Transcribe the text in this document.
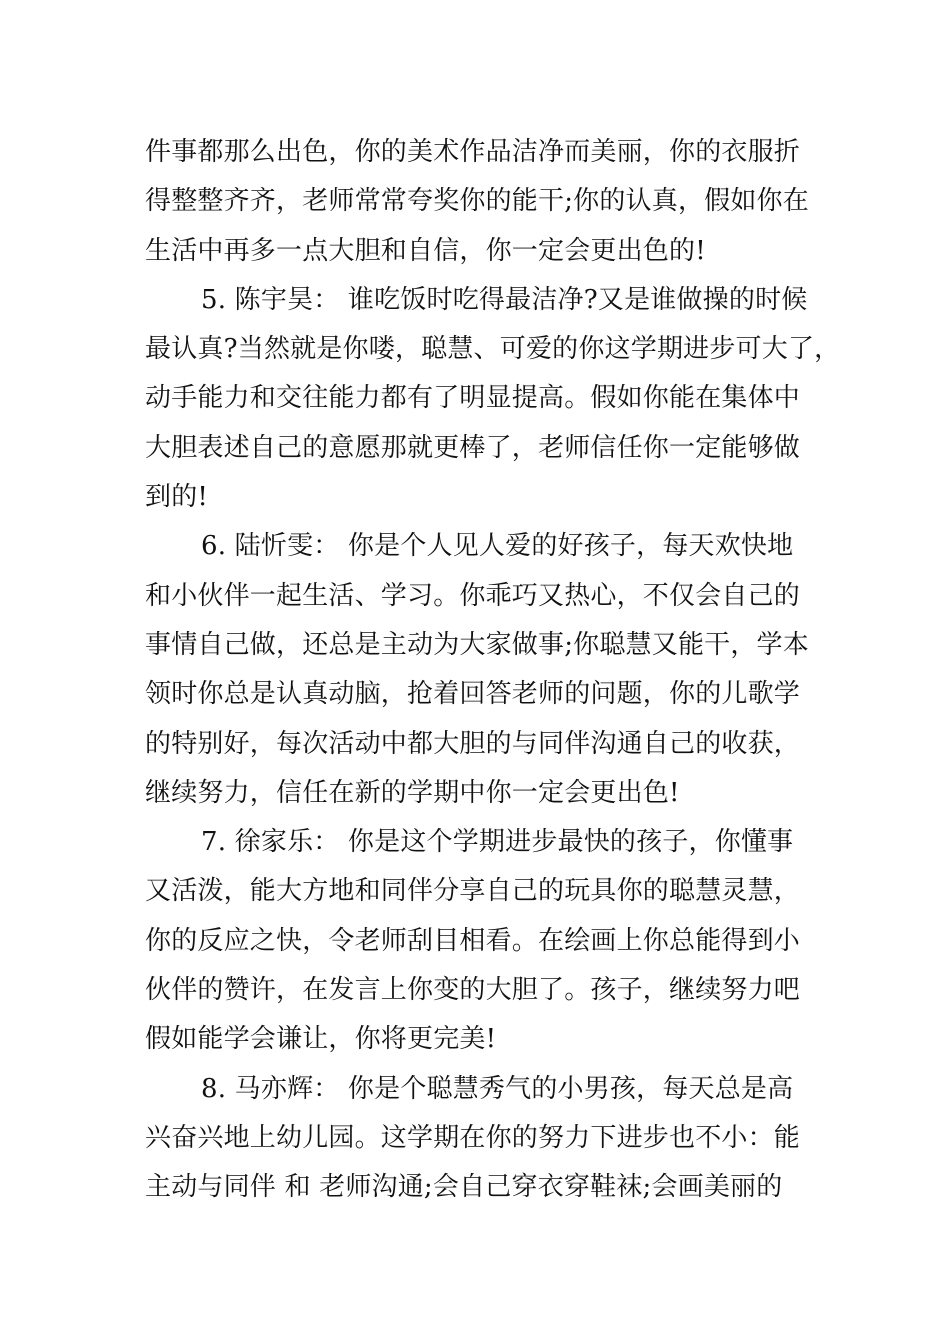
件事都那么出色，你的美术作品洁净而美丽，你的衣服折
得整整齐齐，老师常常夸奖你的能干;你的认真，假如你在
生活中再多一点大胆和自信，你一定会更出色的!
5. 陈宇昊： 谁吃饭时吃得最洁净?又是谁做操的时候
最认真?当然就是你喽，聪慧、可爱的你这学期进步可大了，
动手能力和交往能力都有了明显提高。假如你能在集体中
大胆表述自己的意愿那就更棒了，老师信任你一定能够做
到的!
6. 陆忻雯： 你是个人见人爱的好孩子，每天欢快地
和小伙伴一起生活、学习。你乖巧又热心，不仅会自己的
事情自己做，还总是主动为大家做事;你聪慧又能干，学本
领时你总是认真动脑，抢着回答老师的问题，你的儿歌学
的特别好，每次活动中都大胆的与同伴沟通自己的收获，
继续努力，信任在新的学期中你一定会更出色!
7. 徐家乐： 你是这个学期进步最快的孩子，你懂事
又活泼，能大方地和同伴分享自己的玩具你的聪慧灵慧，
你的反应之快，令老师刮目相看。在绘画上你总能得到小
伙伴的赞许，在发言上你变的大胆了。孩子，继续努力吧
假如能学会谦让，你将更完美!
8. 马亦辉： 你是个聪慧秀气的小男孩，每天总是高
兴奋兴地上幼儿园。这学期在你的努力下进步也不小：能
主动与同伴 和 老师沟通;会自己穿衣穿鞋袜;会画美丽的
